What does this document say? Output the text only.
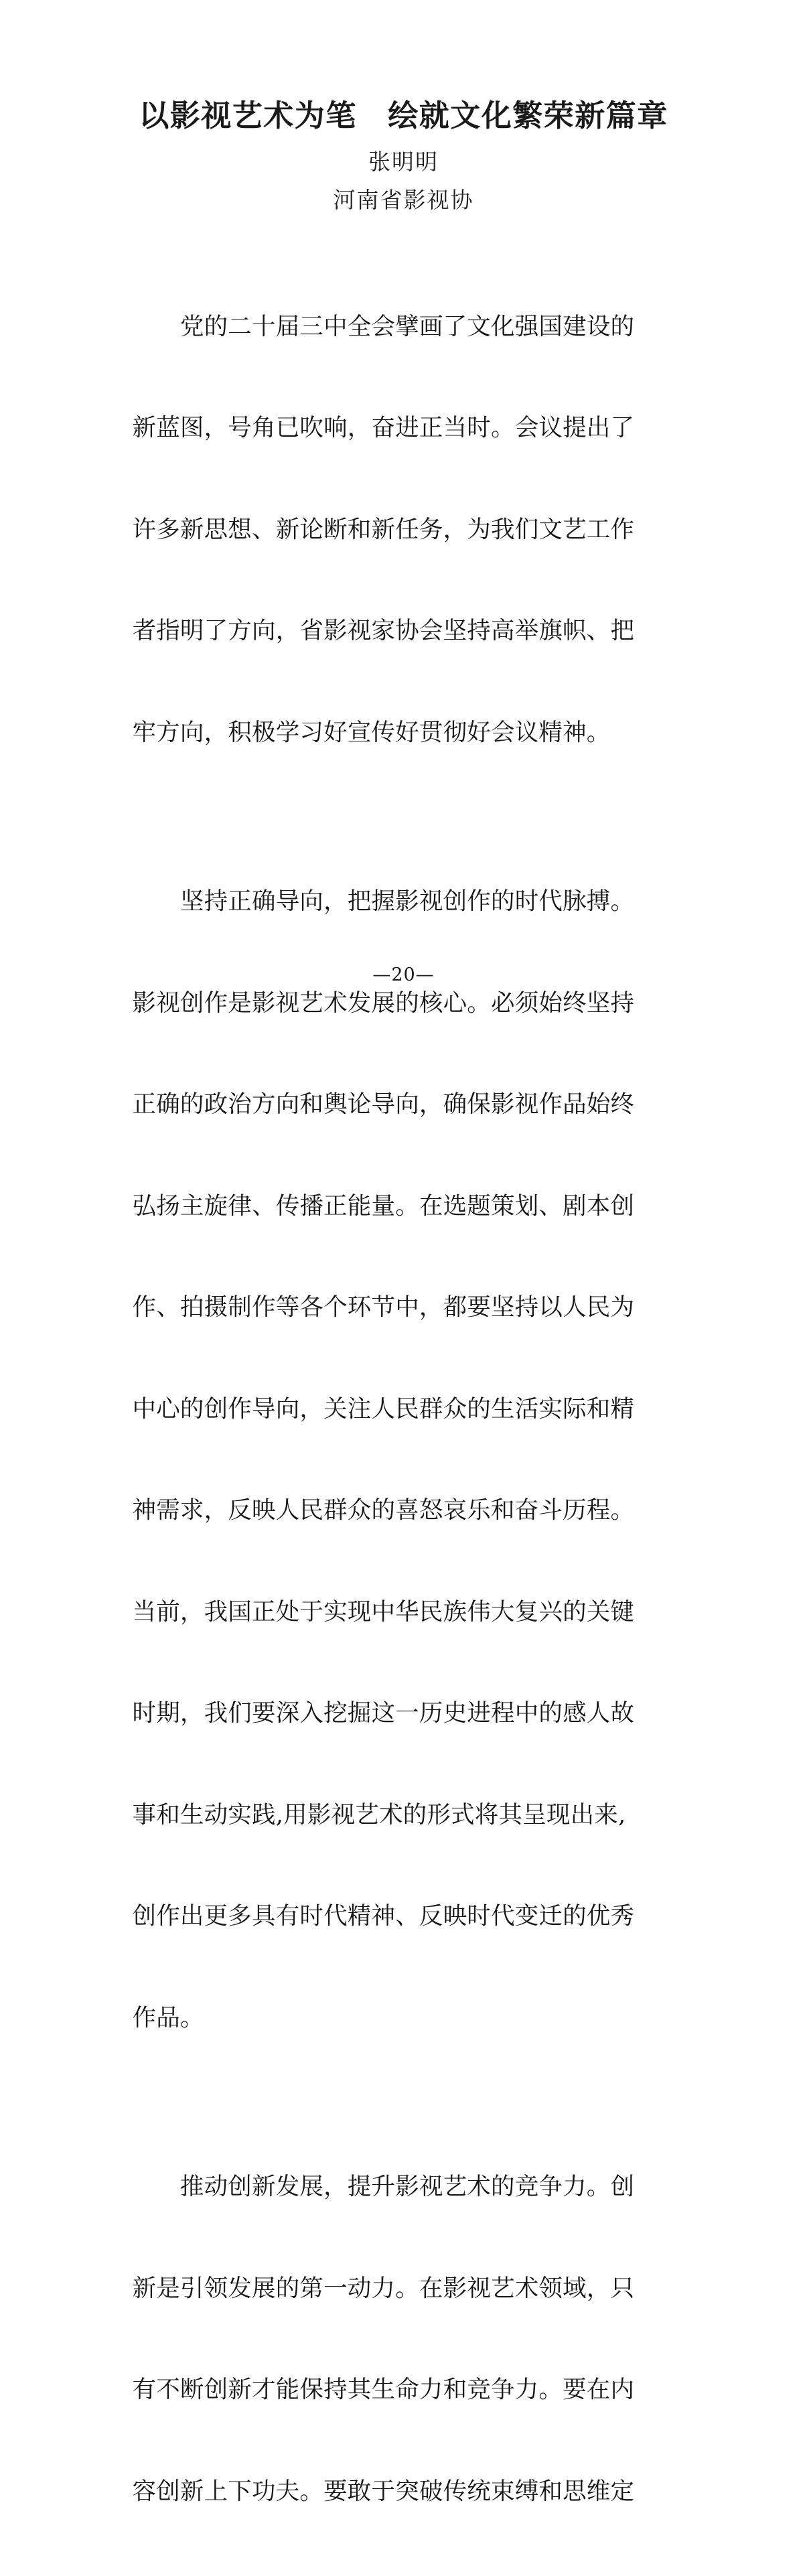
以影视艺术为笔　绘就文化繁荣新篇章
张明明
河南省影视协

　　党的二十届三中全会擘画了文化强国建设的

新蓝图，号角已吹响，奋进正当时。会议提出了

许多新思想、新论断和新任务，为我们文艺工作

者指明了方向，省影视家协会坚持高举旗帜、把

牢方向，积极学习好宣传好贯彻好会议精神。

　　坚持正确导向，把握影视创作的时代脉搏。

影视创作是影视艺术发展的核心。必须始终坚持

正确的政治方向和輿论导向，确保影视作品始终

弘扬主旋律、传播正能量。在选题策划、剧本创

作、拍摄制作等各个环节中，都要坚持以人民为

中心的创作导向，关注人民群众的生活实际和精

神需求，反映人民群众的喜怒哀乐和奋斗历程。

当前，我国正处于实现中华民族伟大复兴的关键

时期，我们要深入挖掘这一历史进程中的感人故

事和生动实践,用影视艺术的形式将其呈现出来,

创作出更多具有时代精神、反映时代变迁的优秀

作品。

　　推动创新发展，提升影视艺术的竞争力。创

新是引领发展的第一动力。在影视艺术领域，只

有不断创新才能保持其生命力和竞争力。要在内

容创新上下功夫。要敢于突破传统束缚和思维定

—20—
